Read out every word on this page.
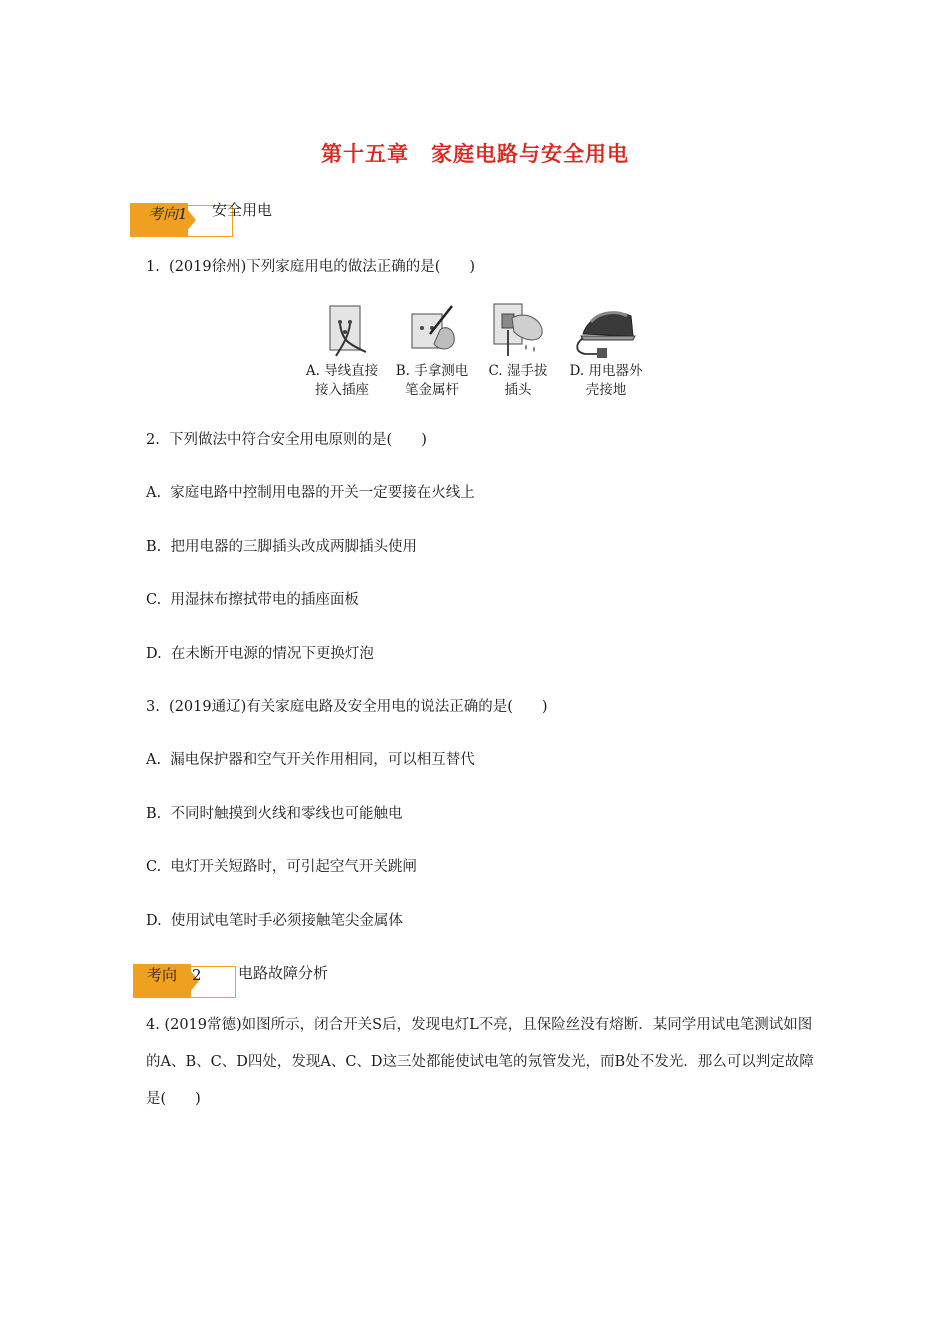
第十五章　家庭电路与安全用电
考向1 安全用电
1.  (2019徐州)下列家庭用电的做法正确的是(　　)
A. 导线直接
接入插座
B. 手拿测电
笔金属杆
C. 湿手拔
插头
D. 用电器外
壳接地
2.  下列做法中符合安全用电原则的是(　　)
A.  家庭电路中控制用电器的开关一定要接在火线上
B.  把用电器的三脚插头改成两脚插头使用
C.  用湿抹布擦拭带电的插座面板
D.  在未断开电源的情况下更换灯泡
3.  (2019通辽)有关家庭电路及安全用电的说法正确的是(　　)
A.  漏电保护器和空气开关作用相同，可以相互替代
B.  不同时触摸到火线和零线也可能触电
C.  电灯开关短路时，可引起空气开关跳闸
D.  使用试电笔时手必须接触笔尖金属体
考向　2 电路故障分析
4. (2019常德)如图所示，闭合开关S后，发现电灯L不亮，且保险丝没有熔断．某同学用试电笔测试如图的A、B、C、D四处，发现A、C、D这三处都能使试电笔的氖管发光，而B处不发光．那么可以判定故障是(　　)
